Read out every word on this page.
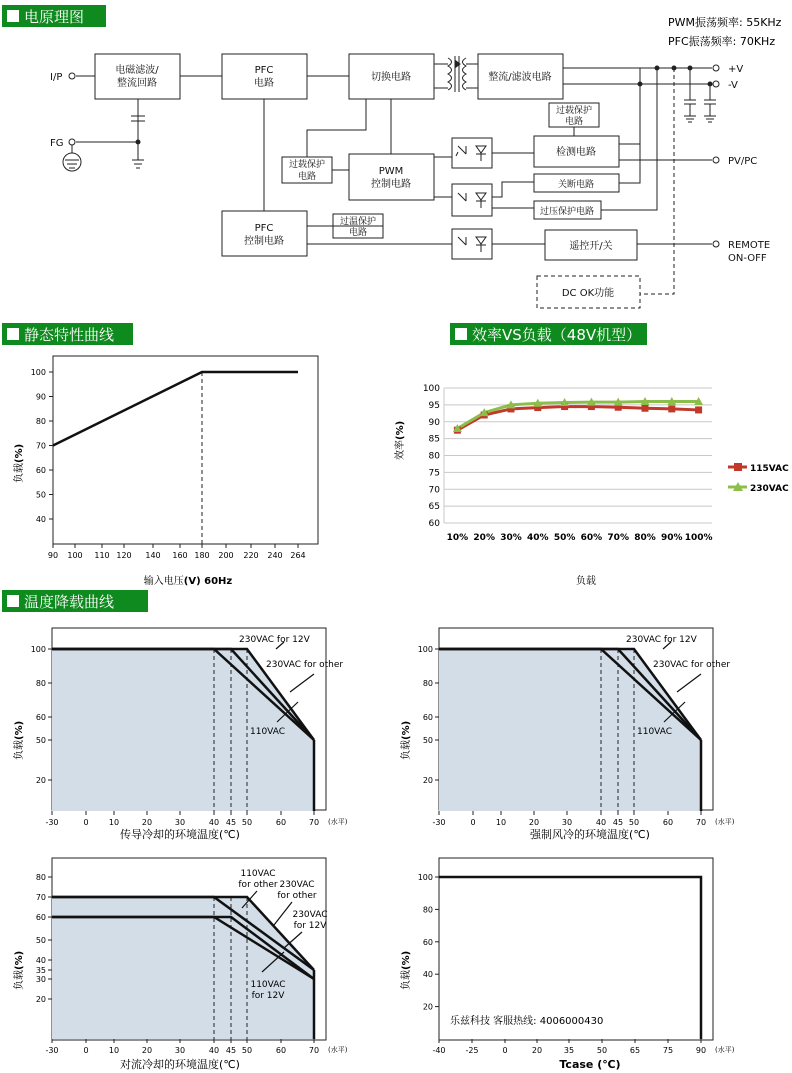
电原理图	PWM振荡频率: 55KHz
PFC振荡频率: 70KHz
电磁滤波/
整流回路
PFC
电路
切换电路	整流/滤波电路
过载保护
电路	PWM
控制电路
PFC
控制电路
过温保护
电路
过载保护
电路
检测电路
关断电路
过压保护电路
遥控开/关
DC OK功能
I/P
FG
+V
-V
PV/PC
REMOTE
ON-OFF
静态特性曲线	效率VS负载（48V机型）
90 100 110 120 140 160 180 200 220 240 264
100
90
80
70
60
50
40
负载(%)
输入电压(V) 60Hz
100
95
90
85
80
75
70
65
60
10% 20% 30% 40% 50% 60% 70% 80% 90% 100%
效率(%)
负载
115VAC
230VAC
温度降载曲线
-30	0	10	20	30	40 45 50	60	70
100
80
60
50
20
230VAC for 12V
230VAC for other
110VAC
负载(%)
传导冷却的环境温度(℃)
(水平)	-30	0	10	20	30	40 45 50	60	70
100
80
60
50
20
230VAC for 12V
230VAC for other
110VAC
负载(%)
强制风冷的环境温度(℃)
(水平)
-30	0	10	20	30	40 45 50	60	70
80
70
60
50
40
35
30
20
110VAC
for other 230VAC
for other
230VAC
for 12V
110VAC
for 12V
负载(%)
对流冷却的环境温度(℃)
(水平)	-40 -25	0	20	35	50	65	75	90
100
80
60
40
20
负载(%)
Tcase (℃)
(水平)
乐兹科技 客服热线: 4006000430
